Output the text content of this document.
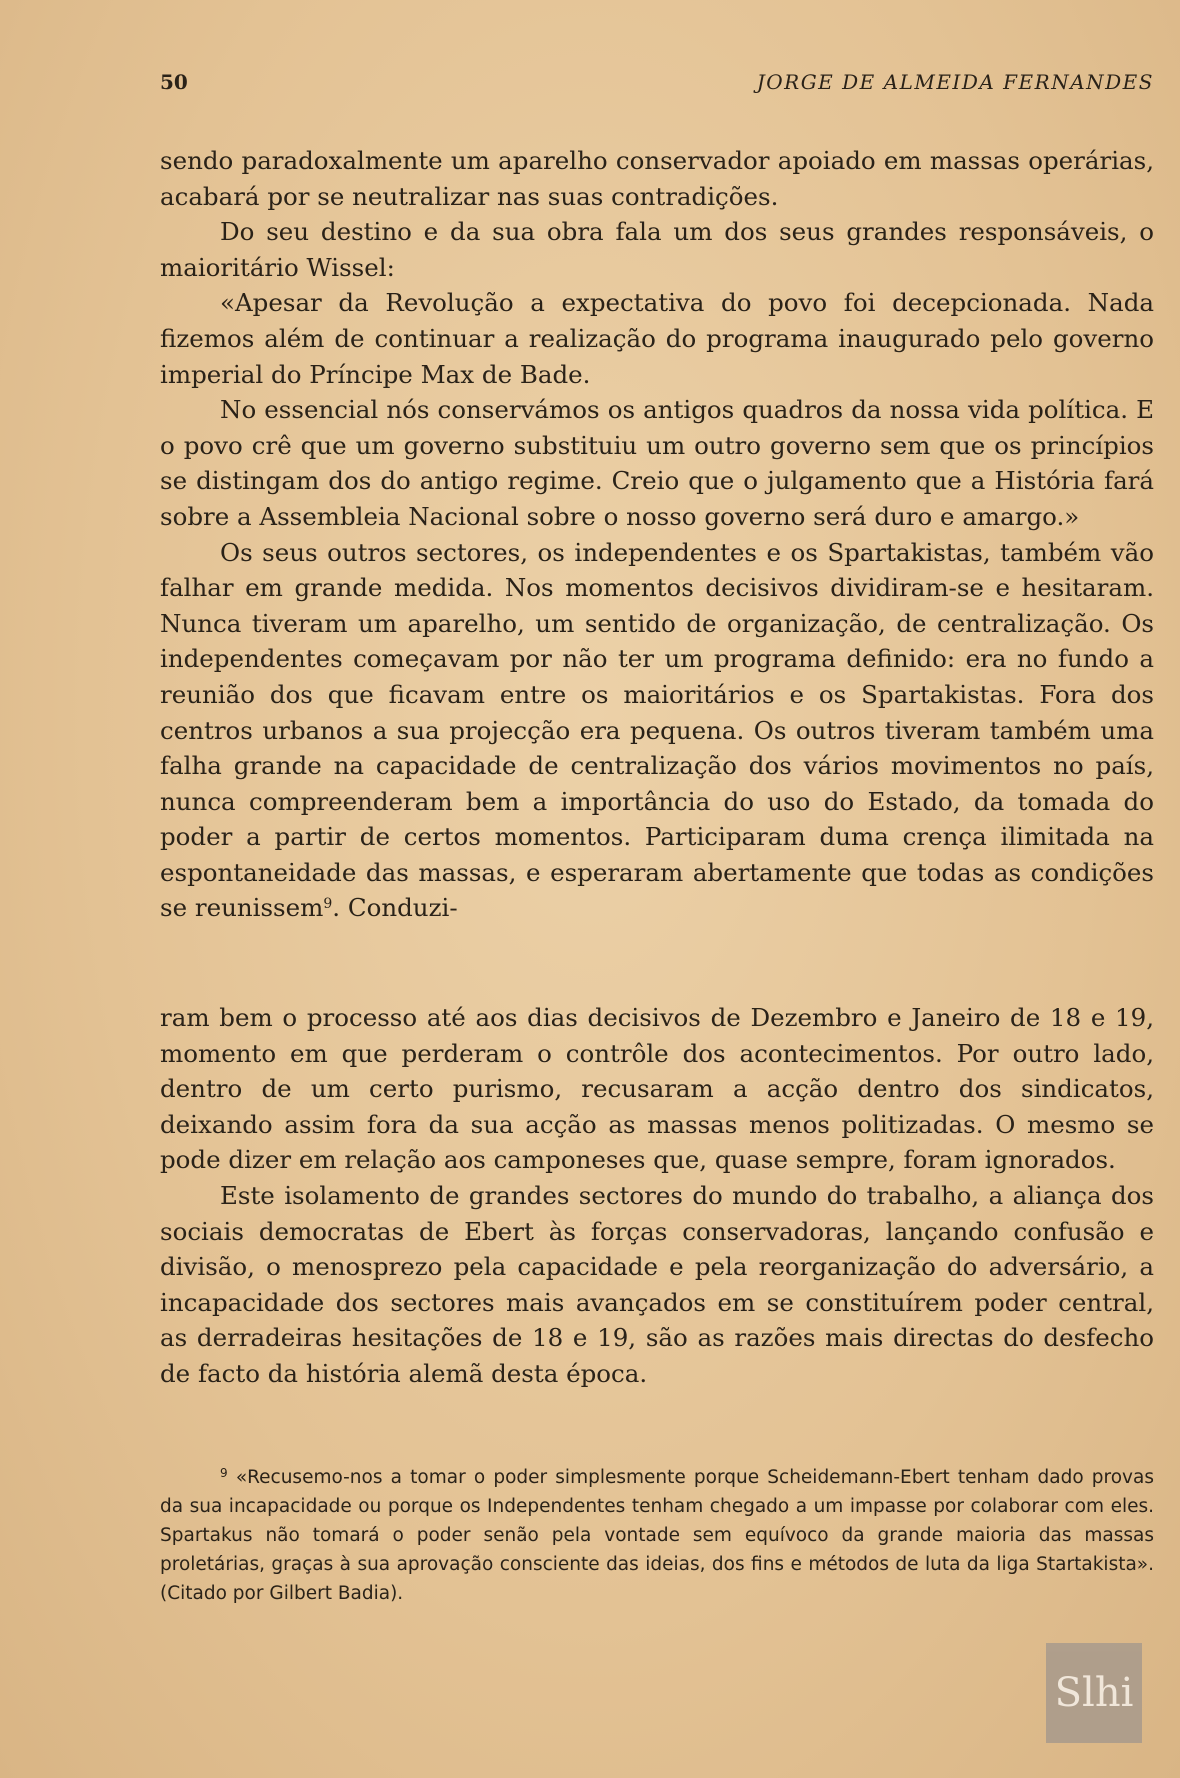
50	JORGE DE ALMEIDA FERNANDES

sendo paradoxalmente um aparelho conservador apoiado em massas operárias, acabará por se neutralizar nas suas contradições.

Do seu destino e da sua obra fala um dos seus grandes responsáveis, o maioritário Wissel:

«Apesar da Revolução a expectativa do povo foi decepcionada. Nada fizemos além de continuar a realização do programa inaugurado pelo governo imperial do Príncipe Max de Bade.

No essencial nós conservámos os antigos quadros da nossa vida política. E o povo crê que um governo substituiu um outro governo sem que os princípios se distingam dos do antigo regime. Creio que o julgamento que a História fará sobre a Assembleia Nacional sobre o nosso governo será duro e amargo.»

Os seus outros sectores, os independentes e os Spartakistas, também vão falhar em grande medida. Nos momentos decisivos dividiram-se e hesitaram. Nunca tiveram um aparelho, um sentido de organização, de centralização. Os independentes começavam por não ter um programa definido: era no fundo a reunião dos que ficavam entre os maioritários e os Spartakistas. Fora dos centros urbanos a sua projecção era pequena. Os outros tiveram também uma falha grande na capacidade de centralização dos vários movimentos no país, nunca compreenderam bem a importância do uso do Estado, da tomada do poder a partir de certos momentos. Participaram duma crença ilimitada na espontaneidade das massas, e esperaram abertamente que todas as condições se reunissem$^9$. Conduzi-

ram bem o processo até aos dias decisivos de Dezembro e Janeiro de 18 e 19, momento em que perderam o contrôle dos acontecimentos. Por outro lado, dentro de um certo purismo, recusaram a acção dentro dos sindicatos, deixando assim fora da sua acção as massas menos politizadas. O mesmo se pode dizer em relação aos camponeses que, quase sempre, foram ignorados.

Este isolamento de grandes sectores do mundo do trabalho, a aliança dos sociais democratas de Ebert às forças conservadoras, lançando confusão e divisão, o menosprezo pela capacidade e pela reorganização do adversário, a incapacidade dos sectores mais avançados em se constituírem poder central, as derradeiras hesitações de 18 e 19, são as razões mais directas do desfecho de facto da história alemã desta época.

$^9$ «Recusemo-nos a tomar o poder simplesmente porque Scheidemann-Ebert tenham dado provas da sua incapacidade ou porque os Independentes tenham chegado a um impasse por colaborar com eles. Spartakus não tomará o poder senão pela vontade sem equívoco da grande maioria das massas proletárias, graças à sua aprovação consciente das ideias, dos fins e métodos de luta da liga Startakista». (Citado por Gilbert Badia).

Slhi
